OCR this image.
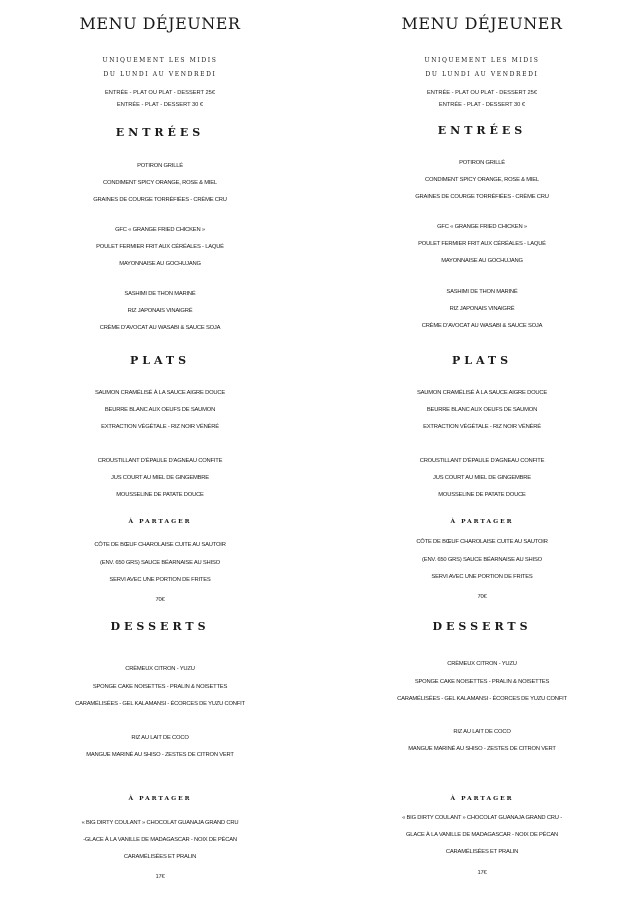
MENU DÉJEUNER

UNIQUEMENT LES MIDIS

DU LUNDI AU VENDREDI

ENTRÉE - PLAT OU PLAT - DESSERT 25€

ENTRÉE - PLAT - DESSERT 30 €

ENTRÉES

POTIRON GRILLÉ

CONDIMENT SPICY ORANGE, ROSE & MIEL

GRAINES DE COURGE TORRÉFIÉES - CRÈME CRU

GFC « GRANGE FRIED CHICKEN »

POULET FERMIER FRIT AUX CÉRÉALES - LAQUÉ

MAYONNAISE AU GOCHUJANG

SASHIMI DE THON MARINÉ

RIZ JAPONAIS VINAIGRÉ

CRÈME D’AVOCAT AU WASABI & SAUCE SOJA

PLATS

SAUMON CRAMÉLISÉ À LA SAUCE AIGRE DOUCE

BEURRE BLANC AUX OEUFS DE SAUMON

EXTRACTION VÉGÉTALE - RIZ NOIR VÉNÉRÉ

CROUSTILLANT D’ÉPAULE D’AGNEAU CONFITE

JUS COURT AU MIEL DE GINGEMBRE

MOUSSELINE DE PATATE DOUCE

À PARTAGER

CÔTE DE BŒUF CHAROLAISE CUITE AU SAUTOIR

(ENV. 650 GRS) SAUCE BÉARNAISE AU SHISO

SERVI AVEC UNE PORTION DE FRITES

70€

DESSERTS

CRÈMEUX CITRON - YUZU

SPONGE CAKE NOISETTES - PRALIN & NOISETTES

CARAMÉLISÉES - GEL KALAMANSI - ÉCORCES DE YUZU CONFIT

RIZ AU LAIT DE COCO

MANGUE MARINÉ AU SHISO - ZESTES DE CITRON VERT

À PARTAGER

« BIG DIRTY COULANT » CHOCOLAT GUANAJA GRAND CRU

-GLACE À LA VANILLE DE MADAGASCAR - NOIX DE PÉCAN

CARAMÉLISÉES ET PRALIN

17€

MENU DÉJEUNER

UNIQUEMENT LES MIDIS

DU LUNDI AU VENDREDI

ENTRÉE - PLAT OU PLAT - DESSERT 25€

ENTRÉE - PLAT - DESSERT 30 €

ENTRÉES

POTIRON GRILLÉ

CONDIMENT SPICY ORANGE, ROSE & MIEL

GRAINES DE COURGE TORRÉFIÉES - CRÈME CRU

GFC « GRANGE FRIED CHICKEN »

POULET FERMIER FRIT AUX CÉRÉALES - LAQUÉ

MAYONNAISE AU GOCHUJANG

SASHIMI DE THON MARINÉ

RIZ JAPONAIS VINAIGRÉ

CRÈME D’AVOCAT AU WASABI & SAUCE SOJA

PLATS

SAUMON CRAMÉLISÉ À LA SAUCE AIGRE DOUCE

BEURRE BLANC AUX OEUFS DE SAUMON

EXTRACTION VÉGÉTALE - RIZ NOIR VÉNÉRÉ

CROUSTILLANT D’ÉPAULE D’AGNEAU CONFITE

JUS COURT AU MIEL DE GINGEMBRE

MOUSSELINE DE PATATE DOUCE

À PARTAGER

CÔTE DE BŒUF CHAROLAISE CUITE AU SAUTOIR

(ENV. 650 GRS) SAUCE BÉARNAISE AU SHISO

SERVI AVEC UNE PORTION DE FRITES

70€

DESSERTS

CRÈMEUX CITRON - YUZU

SPONGE CAKE NOISETTES - PRALIN & NOISETTES

CARAMÉLISÉES - GEL KALAMANSI - ÉCORCES DE YUZU CONFIT

RIZ AU LAIT DE COCO

MANGUE MARINÉ AU SHISO - ZESTES DE CITRON VERT

À PARTAGER

« BIG DIRTY COULANT » CHOCOLAT GUANAJA GRAND CRU -

GLACE À LA VANILLE DE MADAGASCAR - NOIX DE PÉCAN

CARAMÉLISÉES ET PRALIN

17€
